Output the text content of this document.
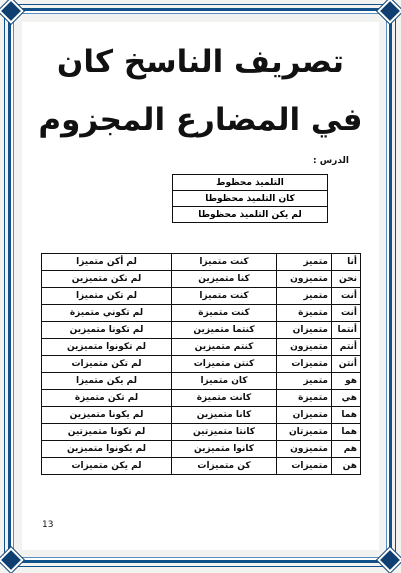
تصريف الناسخ كان
في المضارع المجزوم
الدرس :
التلميذ محظوط
كان التلميذ محظوطا
لم يكن التلميذ محظوطا
أنا	متميز	كنت متميزا	لم أكن متميزا
نحن	متميزون	كنا متميزين	لم نكن متميزين
أنت	متميز	كنت متميزا	لم تكن متميزا
أنت	متميزة	كنت متميزة	لم تكوني متميزة
أنتما	متميزان	كنتما متميزين	لم تكونا متميزين
أنتم	متميزون	كنتم متميزين	لم تكونوا متميزين
أنتن	متميزات	كنتن متميزات	لم تكن متميزات
هو	متميز	كان متميزا	لم يكن متميزا
هي	متميزة	كانت متميزة	لم تكن متميزة
هما	متميزان	كانا متميزين	لم يكونا متميزين
هما	متميزتان	كانتا متميزتين	لم تكونا متميزتين
هم	متميزون	كانوا متميزين	لم يكونوا متميزين
هن	متميزات	كن متميزات	لم يكن متميزات
13
